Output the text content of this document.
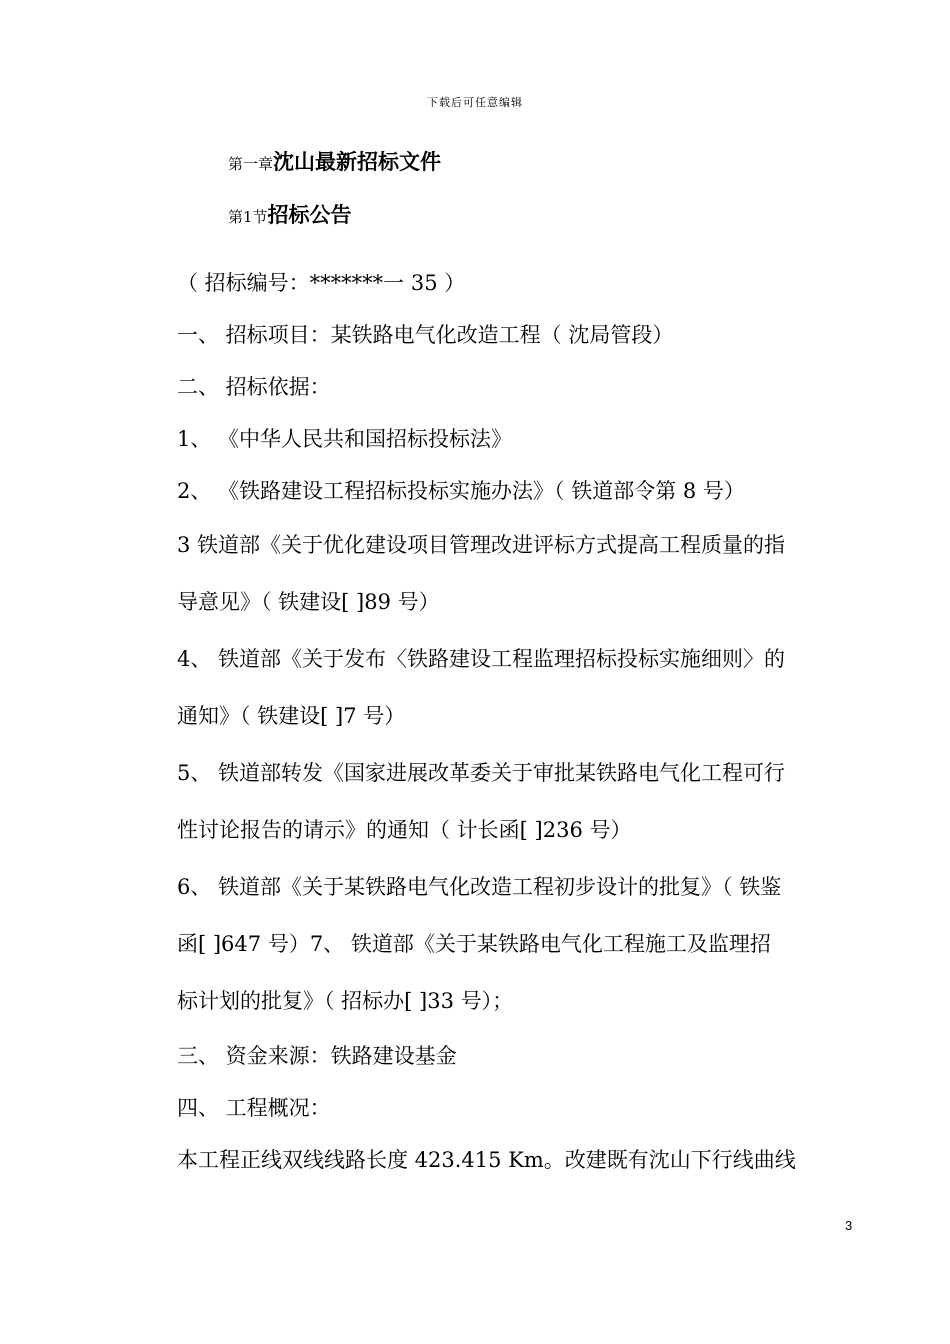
下载后可任意编辑
第一章沈山最新招标文件
第1节招标公告
（ 招标编号：*******一 35 ）
一、 招标项目：某铁路电气化改造工程（ 沈局管段）
二、 招标依据：
1、 《中华人民共和国招标投标法》
2、 《铁路建设工程招标投标实施办法》（ 铁道部令第 8 号）
3 铁道部《关于优化建设项目管理改进评标方式提高工程质量的指
导意见》（ 铁建设[ ]89 号）
4、 铁道部《关于发布〈铁路建设工程监理招标投标实施细则〉的
通知》（ 铁建设[ ]7 号）
5、 铁道部转发《国家进展改革委关于审批某铁路电气化工程可行
性讨论报告的请示》的通知（ 计长函[ ]236 号）
6、 铁道部《关于某铁路电气化改造工程初步设计的批复》（ 铁鉴
函[ ]647 号）7、 铁道部《关于某铁路电气化工程施工及监理招
标计划的批复》（ 招标办[ ]33 号）；
三、 资金来源：铁路建设基金
四、 工程概况：
本工程正线双线线路长度 423.415 Km。改建既有沈山下行线曲线
3
